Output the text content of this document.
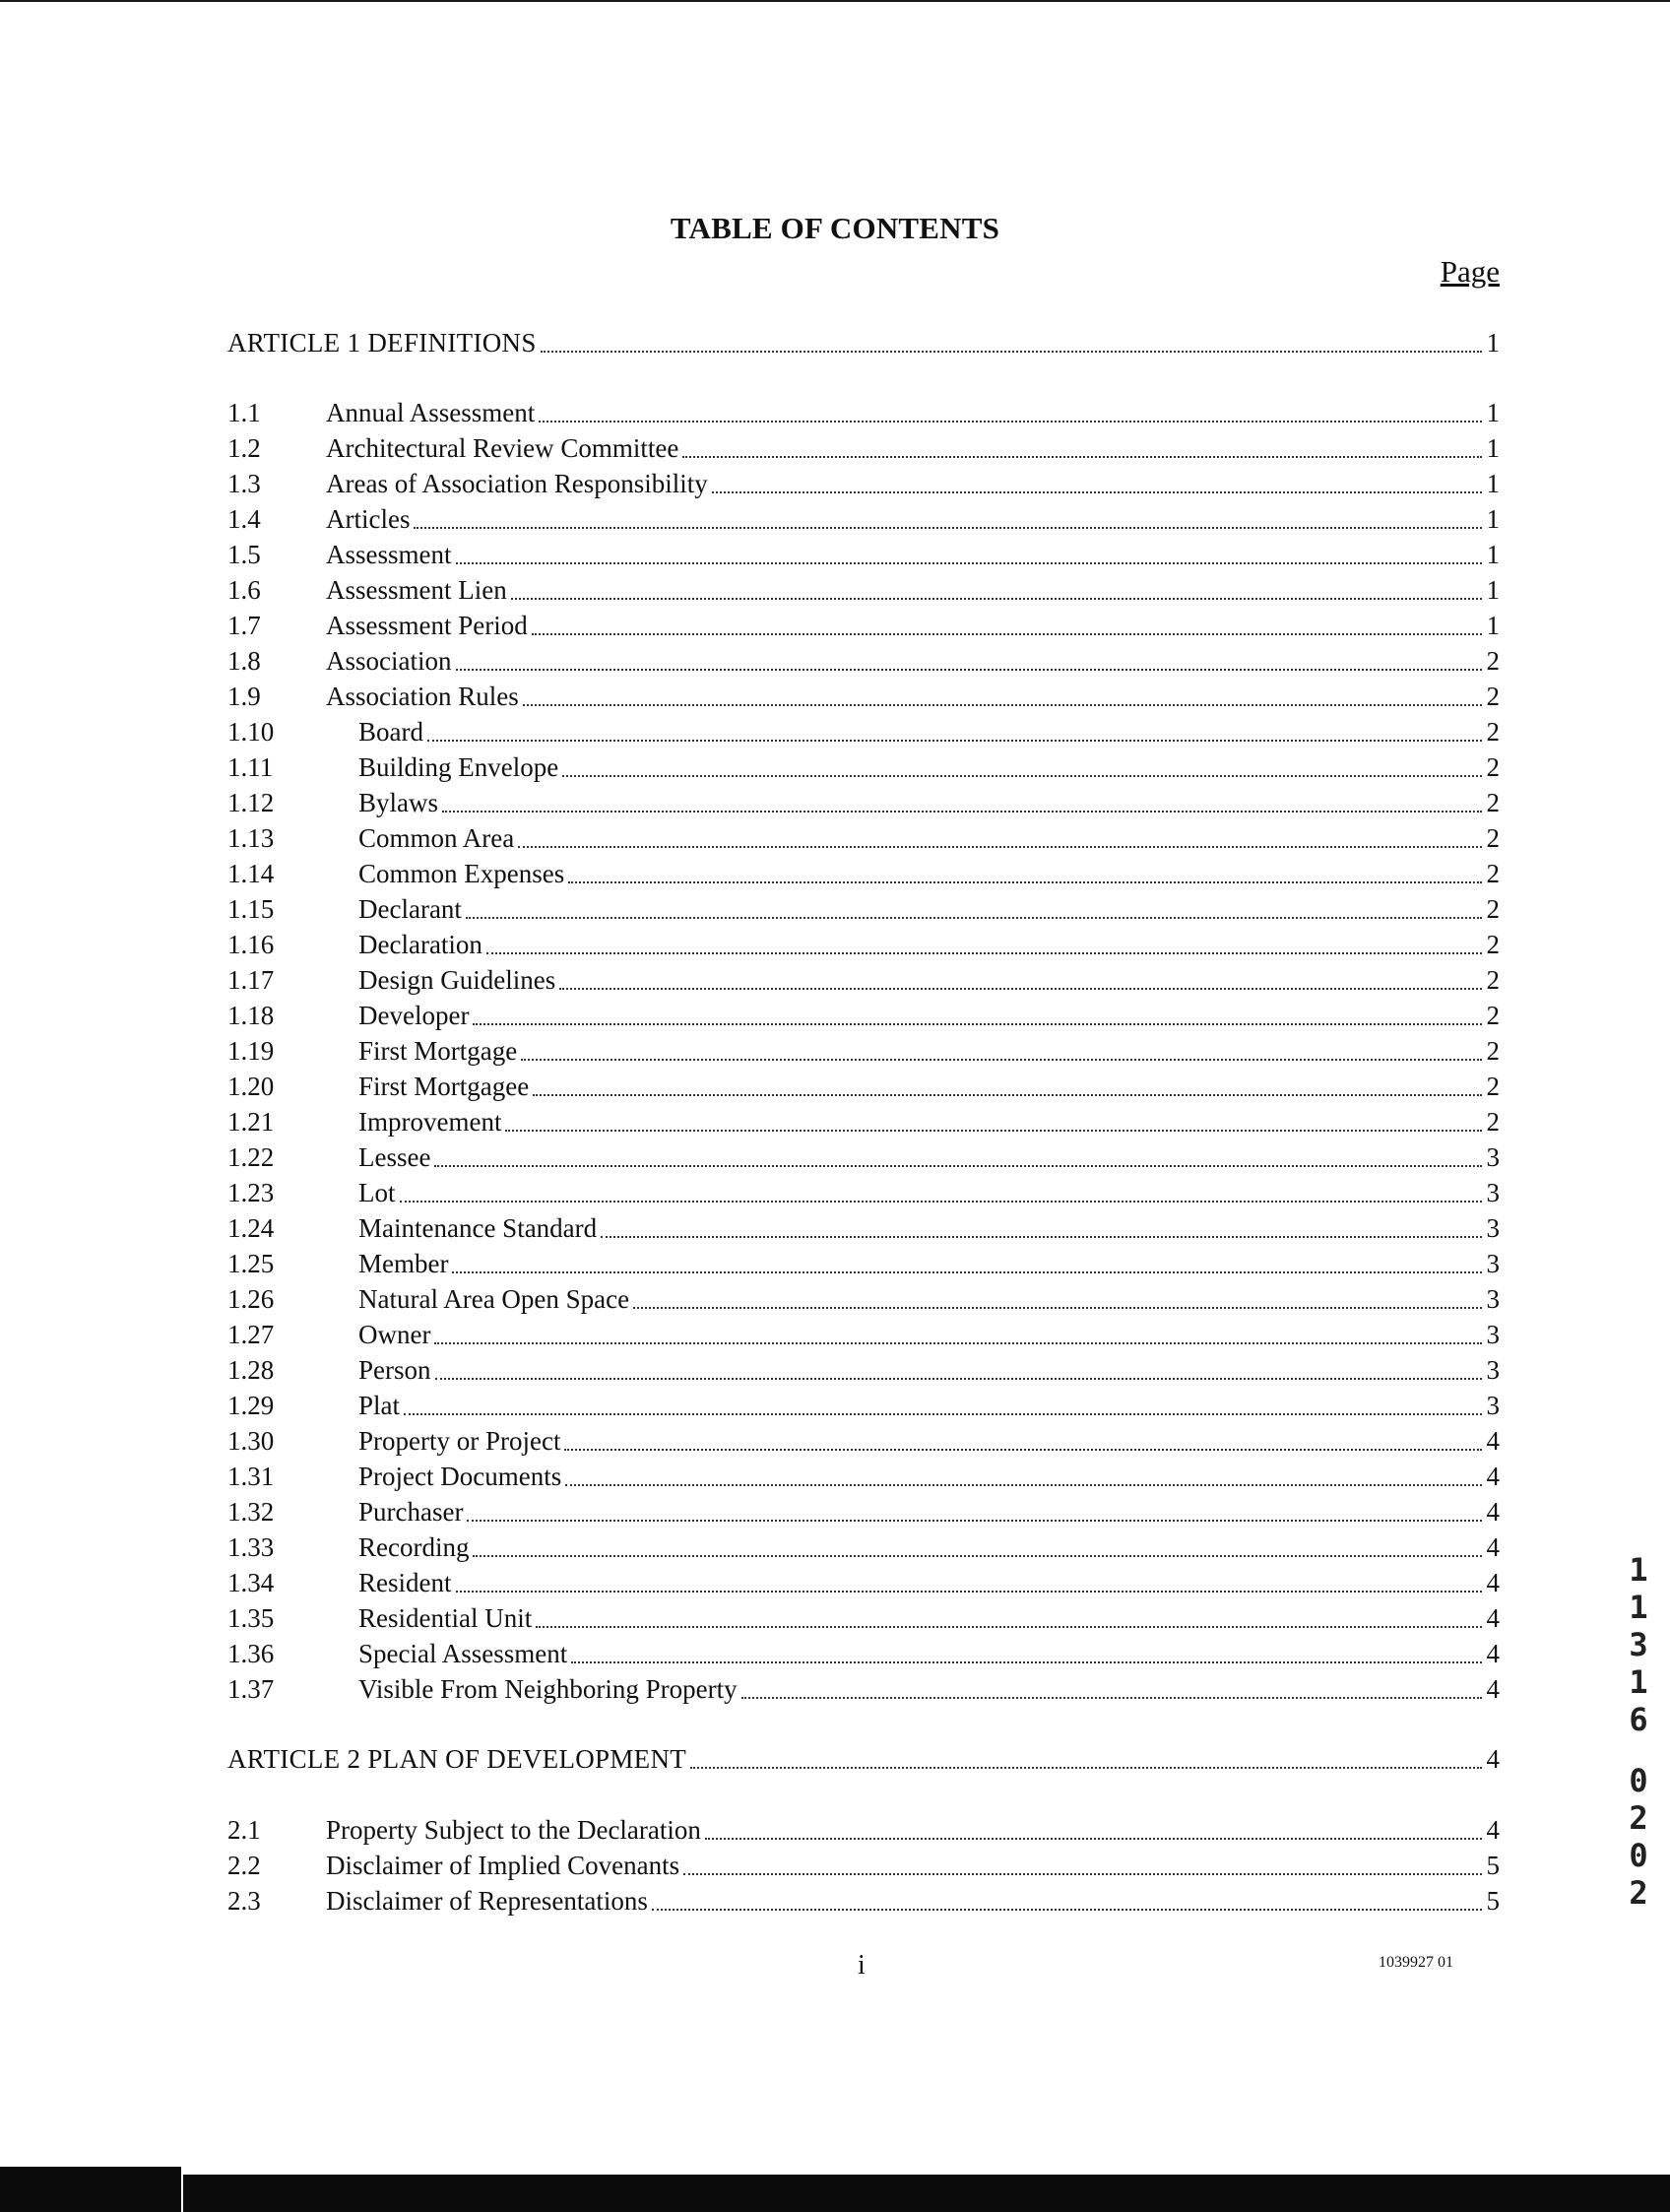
TABLE OF CONTENTS
Page
ARTICLE 1 DEFINITIONS	1
1.1	Annual Assessment	1
1.2	Architectural Review Committee	1
1.3	Areas of Association Responsibility	1
1.4	Articles	1
1.5	Assessment	1
1.6	Assessment Lien	1
1.7	Assessment Period	1
1.8	Association	2
1.9	Association Rules	2
1.10	Board	2
1.11	Building Envelope	2
1.12	Bylaws	2
1.13	Common Area	2
1.14	Common Expenses	2
1.15	Declarant	2
1.16	Declaration	2
1.17	Design Guidelines	2
1.18	Developer	2
1.19	First Mortgage	2
1.20	First Mortgagee	2
1.21	Improvement	2
1.22	Lessee	3
1.23	Lot	3
1.24	Maintenance Standard	3
1.25	Member	3
1.26	Natural Area Open Space	3
1.27	Owner	3
1.28	Person	3
1.29	Plat	3
1.30	Property or Project	4
1.31	Project Documents	4
1.32	Purchaser	4
1.33	Recording	4
1.34	Resident	4
1.35	Residential Unit	4
1.36	Special Assessment	4
1.37	Visible From Neighboring Property	4
ARTICLE 2 PLAN OF DEVELOPMENT	4
2.1	Property Subject to the Declaration	4
2.2	Disclaimer of Implied Covenants	5
2.3	Disclaimer of Representations	5
i	1039927 01
1
1
3
1
6
0
2
0
2
